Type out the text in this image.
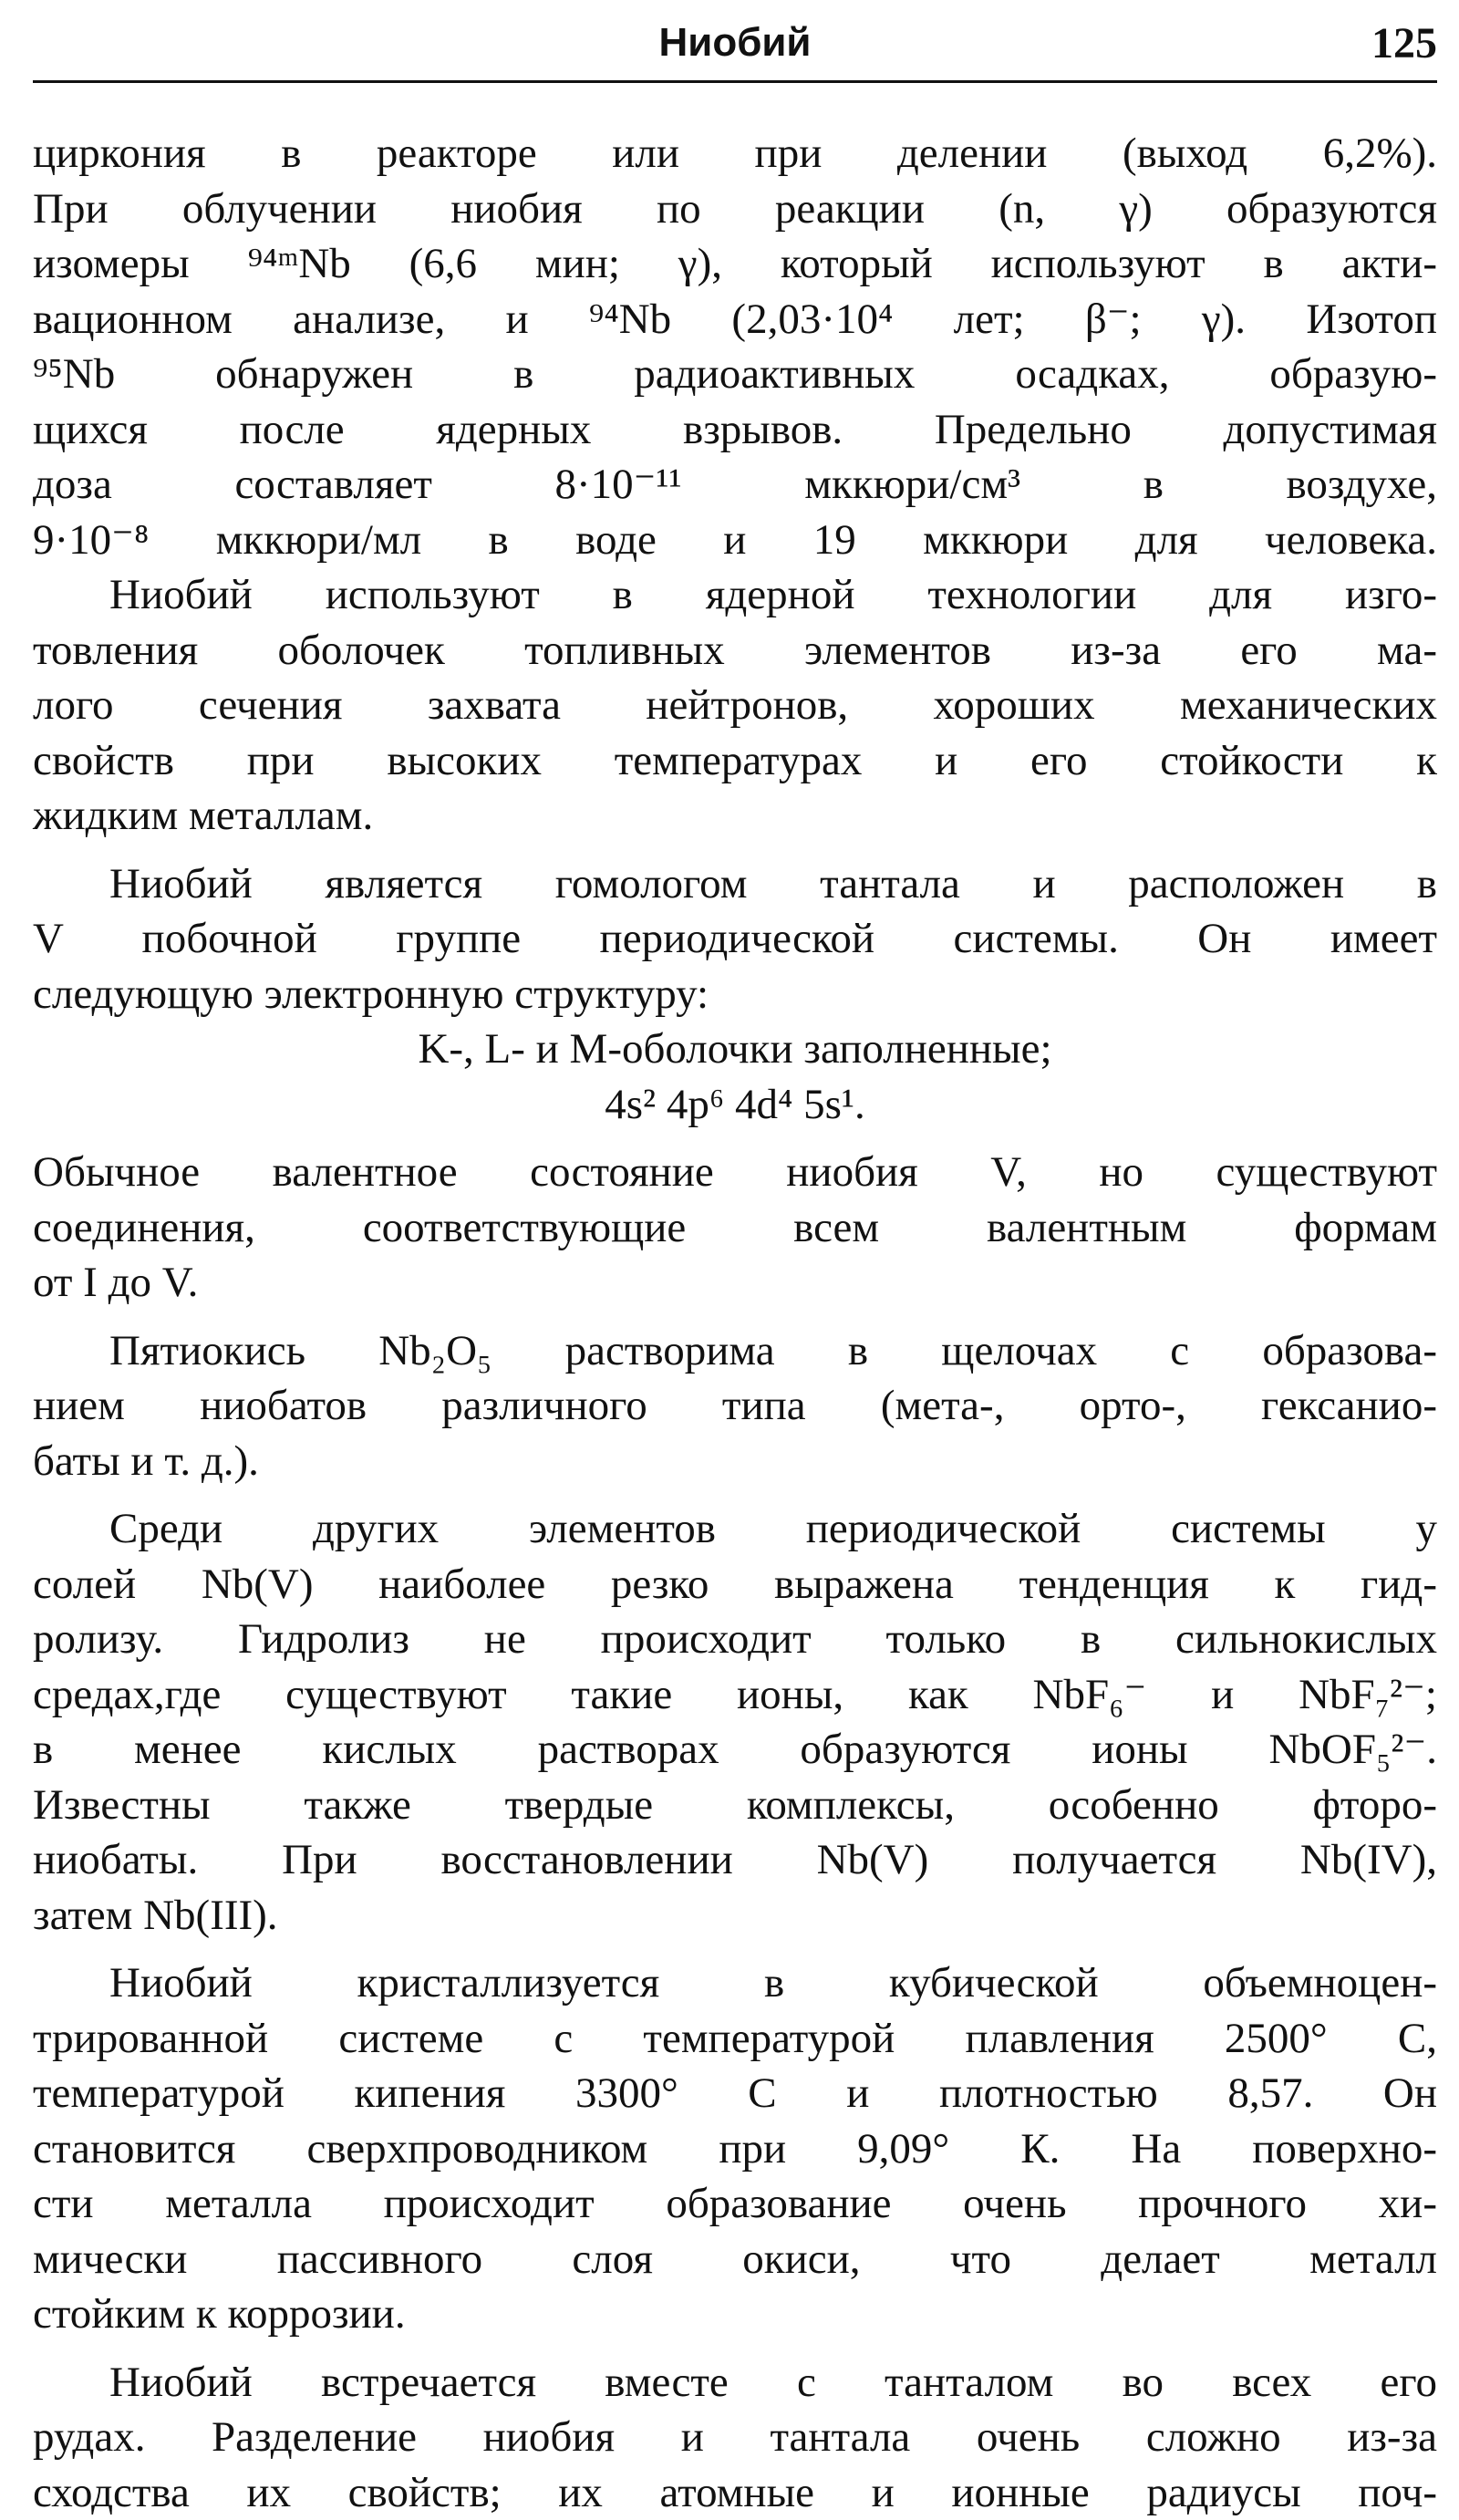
Ниобий	125
циркония в реакторе или при делении (выход 6,2%).
При облучении ниобия по реакции (n, γ) образуются
изомеры ⁹⁴ᵐNb (6,6 мин; γ), который используют в акти-
вационном анализе, и ⁹⁴Nb (2,03·10⁴ лет; β⁻; γ). Изотоп
⁹⁵Nb обнаружен в радиоактивных осадках, образую-
щихся после ядерных взрывов. Предельно допустимая
доза составляет 8·10⁻¹¹ мккюри/см³ в воздухе,
9·10⁻⁸ мккюри/мл в воде и 19 мккюри для человека.
Ниобий используют в ядерной технологии для изго-
товления оболочек топливных элементов из-за его ма-
лого сечения захвата нейтронов, хороших механических
свойств при высоких температурах и его стойкости к
жидким металлам.
Ниобий является гомологом тантала и расположен в
V побочной группе периодической системы. Он имеет
следующую электронную структуру:
K-, L- и M-оболочки заполненные;
4s² 4p⁶ 4d⁴ 5s¹.
Обычное валентное состояние ниобия V, но существуют
соединения, соответствующие всем валентным формам
от I до V.
Пятиокись Nb₂O₅ растворима в щелочах с образова-
нием ниобатов различного типа (мета-, орто-, гексанио-
баты и т. д.).
Среди других элементов периодической системы у
солей Nb(V) наиболее резко выражена тенденция к гид-
ролизу. Гидролиз не происходит только в сильнокислых
средах,где существуют такие ионы, как NbF₆⁻ и NbF₇²⁻;
в менее кислых растворах образуются ионы NbOF₅²⁻.
Известны также твердые комплексы, особенно фторо-
ниобаты. При восстановлении Nb(V) получается Nb(IV),
затем Nb(III).
Ниобий кристаллизуется в кубической объемноцен-
трированной системе с температурой плавления 2500° С,
температурой кипения 3300° С и плотностью 8,57. Он
становится сверхпроводником при 9,09° К. На поверхно-
сти металла происходит образование очень прочного хи-
мически пассивного слоя окиси, что делает металл
стойким к коррозии.
Ниобий встречается вместе с танталом во всех его
рудах. Разделение ниобия и тантала очень сложно из-за
сходства их свойств; их атомные и ионные радиусы поч-
